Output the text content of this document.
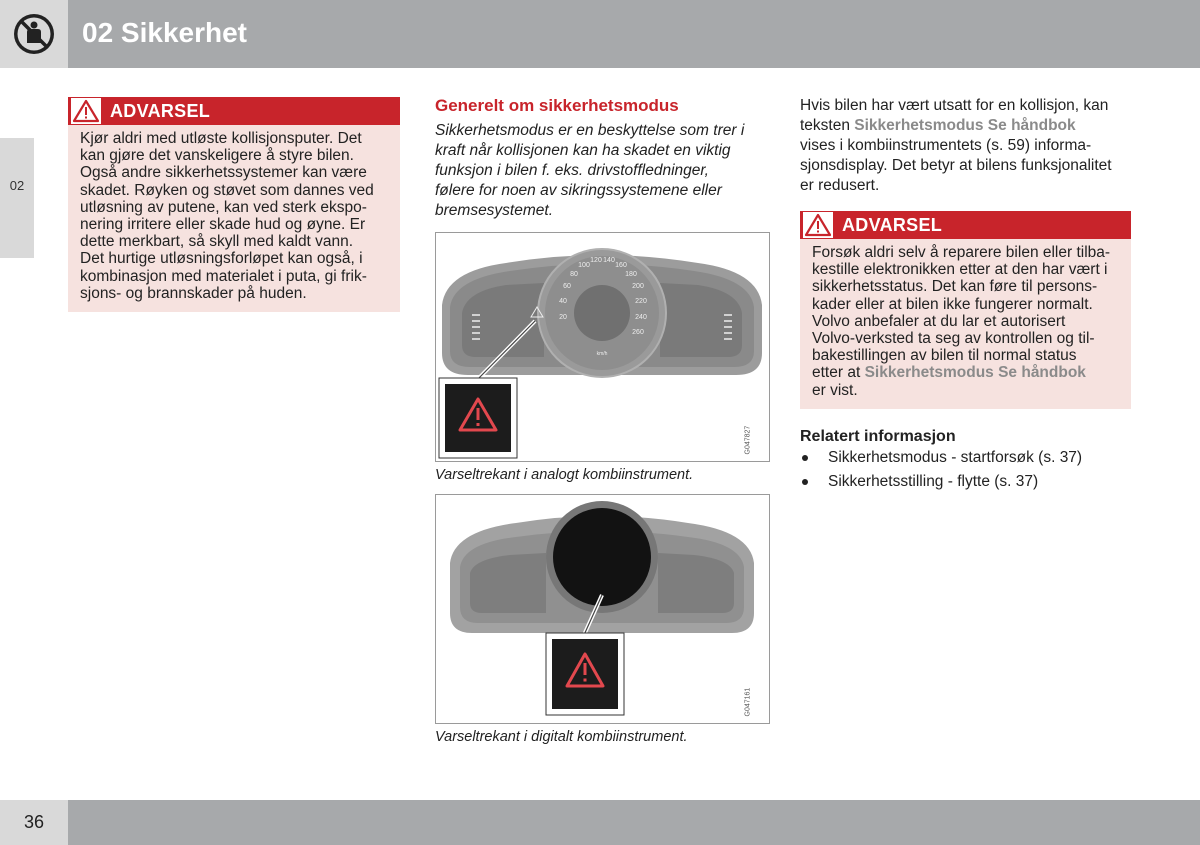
02 Sikkerhet
02
ADVARSEL
Kjør aldri med utløste kollisjonsputer. Det
kan gjøre det vanskeligere å styre bilen.
Også andre sikkerhetssystemer kan være
skadet. Røyken og støvet som dannes ved
utløsning av putene, kan ved sterk ekspo-
nering irritere eller skade hud og øyne. Er
dette merkbart, så skyll med kaldt vann.
Det hurtige utløsningsforløpet kan også, i
kombinasjon med materialet i puta, gi frik-
sjons- og brannskader på huden.
Generelt om sikkerhetsmodus
Sikkerhetsmodus er en beskyttelse som trer i
kraft når kollisjonen kan ha skadet en viktig
funksjon i bilen f. eks. drivstoffledninger,
følere for noen av sikringssystemene eller
bremsesystemet.
20
40
60
80
100
120 140
160
180
200
220
240
260
km/h
G047827
Varseltrekant i analogt kombiinstrument.
G047161
Varseltrekant i digitalt kombiinstrument.
Hvis bilen har vært utsatt for en kollisjon, kan
teksten Sikkerhetsmodus Se håndbok
vises i kombiinstrumentets (s. 59) informa-
sjonsdisplay. Det betyr at bilens funksjonalitet
er redusert.
ADVARSEL
Forsøk aldri selv å reparere bilen eller tilba-
kestille elektronikken etter at den har vært i
sikkerhetsstatus. Det kan føre til persons-
kader eller at bilen ikke fungerer normalt.
Volvo anbefaler at du lar et autorisert
Volvo-verksted ta seg av kontrollen og til-
bakestillingen av bilen til normal status
etter at Sikkerhetsmodus Se håndbok
er vist.
Relatert informasjon
Sikkerhetsmodus - startforsøk (s. 37)
Sikkerhetsstilling - flytte (s. 37)
36
